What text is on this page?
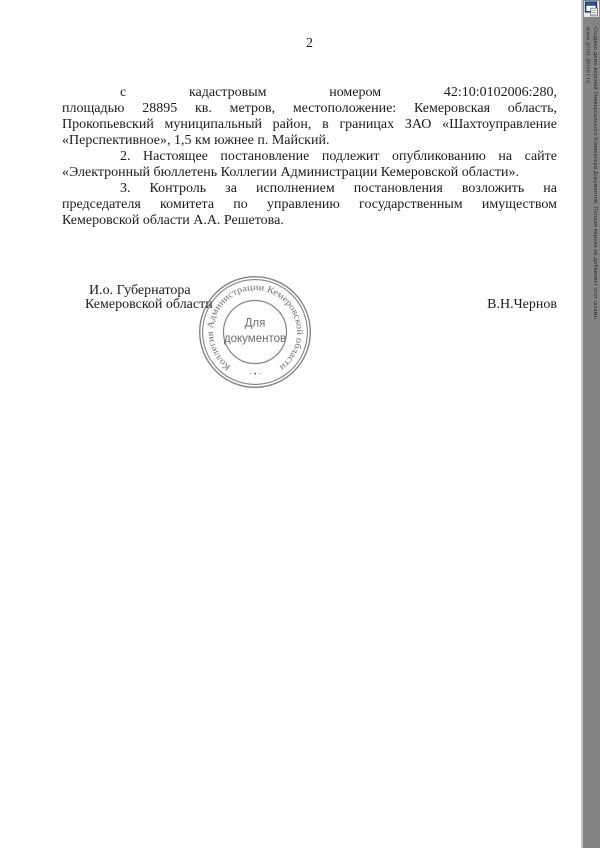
2
с кадастровым номером 42:10:0102006:280,
площадью 28895 кв. метров, местоположение: Кемеровская область,
Прокопьевский муниципальный район, в границах ЗАО «Шахтоуправление
«Перспективное», 1,5 км южнее п. Майский.
2. Настоящее постановление подлежит опубликованию на сайте
«Электронный бюллетень Коллегии Администрации Кемеровской области».
3. Контроль за исполнением постановления возложить на
председателя комитета по управлению государственным имуществом
Кемеровской области А.А. Решетова.
И.о. Губернатора
Кемеровской области	В.Н.Чернов
Коллегия Администрации Кемеровской области
Для
документов
· • ·
Создано демо версией Универсального Конвертера Документов. Полная версия не добавляет этот штамп.
www.print-driver.ru
